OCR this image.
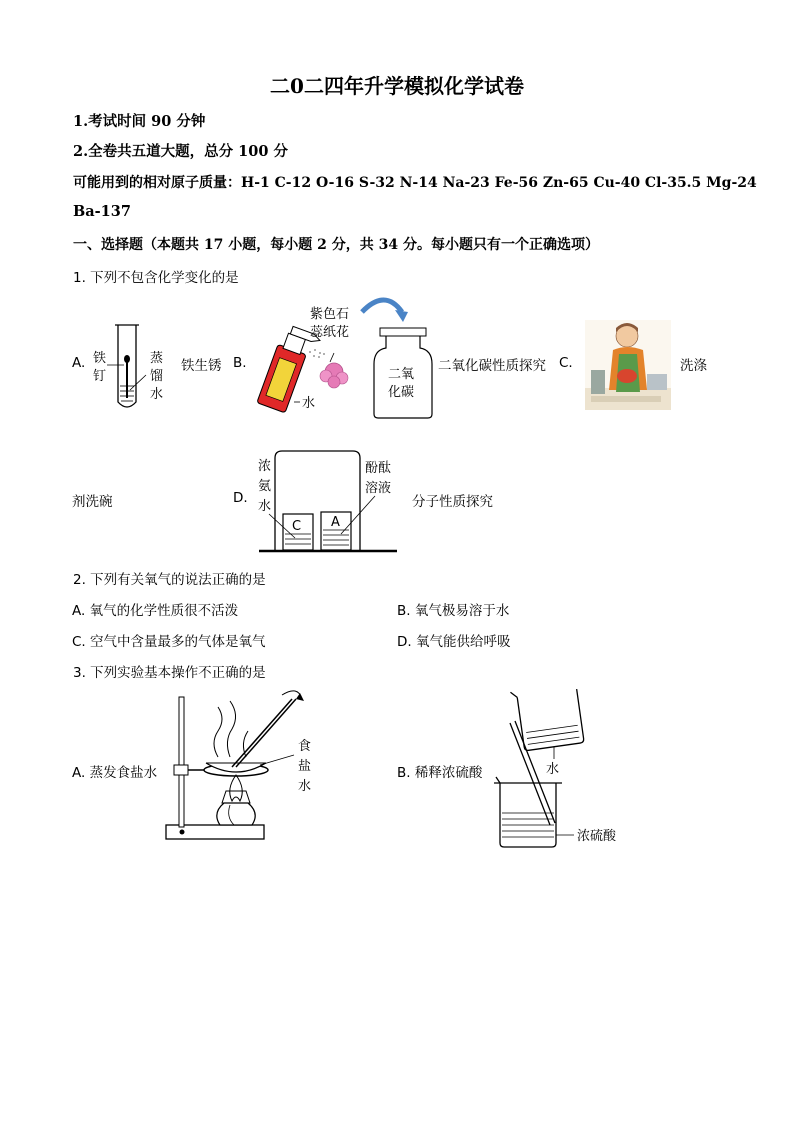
二0二四年升学模拟化学试卷
1.考试时间 90 分钟
2.全卷共五道大题，总分 100 分
可能用到的相对原子质量：H-1 C-12 O-16 S-32 N-14 Na-23 Fe-56 Zn-65 Cu-40 Cl-35.5 Mg-24
Ba-137
一、选择题（本题共 17 小题，每小题 2 分，共 34 分。每小题只有一个正确选项）
1. 下列不包含化学变化的是
A. 铁
钉
蒸
馏
水
铁生锈 B.
紫色石
蕊纸花
水
二氧
化碳
二氧化碳性质探究 C.	洗涤
剂洗碗	D.
C A
浓
氨
水
酚酞
溶液
分子性质探究
2. 下列有关氧气的说法正确的是
A. 氧气的化学性质很不活泼	B. 氧气极易溶于水
C. 空气中含量最多的气体是氧气	D. 氧气能供给呼吸
3. 下列实验基本操作不正确的是
A. 蒸发食盐水
食
盐
水
B. 稀释浓硫酸	水
浓硫酸
